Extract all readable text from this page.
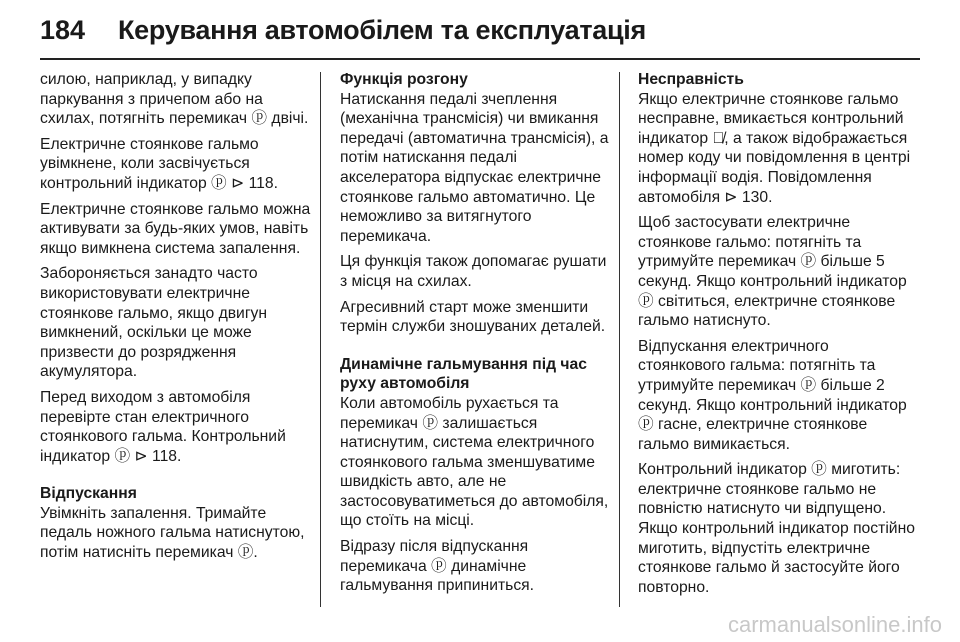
184	Керування автомобілем та експлуатація

силою, наприклад, у випадку паркування з причепом або на схилах, потягніть перемикач ⓟ двічі.

Електричне стоянкове гальмо увімкнене, коли засвічується контрольний індикатор ⓟ ⊳ 118.

Електричне стоянкове гальмо можна активувати за будь-яких умов, навіть якщо вимкнена система запалення.

Забороняється занадто часто використовувати електричне стоянкове гальмо, якщо двигун вимкнений, оскільки це може призвести до розрядження акумулятора.

Перед виходом з автомобіля перевірте стан електричного стоянкового гальма. Контрольний індикатор ⓟ ⊳ 118.

Відпускання

Увімкніть запалення. Тримайте педаль ножного гальма натиснутою, потім натисніть перемикач ⓟ.

Функція розгону

Натискання педалі зчеплення (механічна трансмісія) чи вмикання передачі (автоматична трансмісія), а потім натискання педалі акселератора відпускає електричне стоянкове гальмо автоматично. Це неможливо за витягнутого перемикача.

Ця функція також допомагає рушати з місця на схилах.

Агресивний старт може зменшити термін служби зношуваних деталей.

Динамічне гальмування під час руху автомобіля

Коли автомобіль рухається та перемикач ⓟ залишається натиснутим, система електричного стоянкового гальма зменшуватиме швидкість авто, але не застосовуватиметься до автомобіля, що стоїть на місці.

Відразу після відпускання перемикача ⓟ динамічне гальмування припиниться.

Несправність

Якщо електричне стоянкове гальмо несправне, вмикається контрольний індикатор ⓟ̸, а також відображається номер коду чи повідомлення в центрі інформації водія. Повідомлення автомобіля ⊳ 130.

Щоб застосувати електричне стоянкове гальмо: потягніть та утримуйте перемикач ⓟ більше 5 секунд. Якщо контрольний індикатор ⓟ світиться, електричне стоянкове гальмо натиснуто.

Відпускання електричного стоянкового гальма: потягніть та утримуйте перемикач ⓟ більше 2 секунд. Якщо контрольний індикатор ⓟ гасне, електричне стоянкове гальмо вимикається.

Контрольний індикатор ⓟ миготить: електричне стоянкове гальмо не повністю натиснуто чи відпущено. Якщо контрольний індикатор постійно миготить, відпустіть електричне стоянкове гальмо й застосуйте його повторно.

carmanualsonline.info
